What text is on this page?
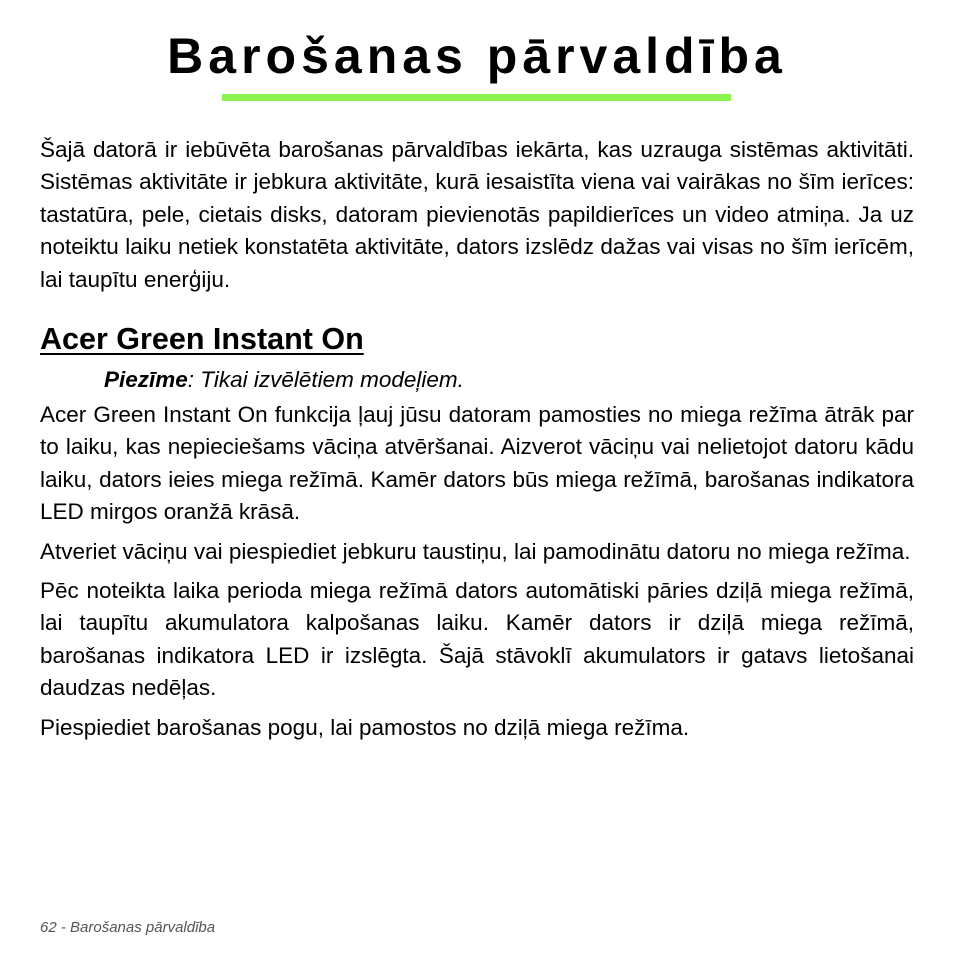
Barošanas pārvaldība

Šajā datorā ir iebūvēta barošanas pārvaldības iekārta, kas uzrauga sistēmas aktivitāti. Sistēmas aktivitāte ir jebkura aktivitāte, kurā iesaistīta viena vai vairākas no šīm ierīces: tastatūra, pele, cietais disks, datoram pievienotās papildierīces un video atmiņa. Ja uz noteiktu laiku netiek konstatēta aktivitāte, dators izslēdz dažas vai visas no šīm ierīcēm, lai taupītu enerģiju.

Acer Green Instant On

Piezīme: Tikai izvēlētiem modeļiem.

Acer Green Instant On funkcija ļauj jūsu datoram pamosties no miega režīma ātrāk par to laiku, kas nepieciešams vāciņa atvēršanai. Aizverot vāciņu vai nelietojot datoru kādu laiku, dators ieies miega režīmā. Kamēr dators būs miega režīmā, barošanas indikatora LED mirgos oranžā krāsā.

Atveriet vāciņu vai piespiediet jebkuru taustiņu, lai pamodinātu datoru no miega režīma.

Pēc noteikta laika perioda miega režīmā dators automātiski pāries dziļā miega režīmā, lai taupītu akumulatora kalpošanas laiku. Kamēr dators ir dziļā miega režīmā, barošanas indikatora LED ir izslēgta. Šajā stāvoklī akumulators ir gatavs lietošanai daudzas nedēļas.

Piespiediet barošanas pogu, lai pamostos no dziļā miega režīma.

62 - Barošanas pārvaldība
